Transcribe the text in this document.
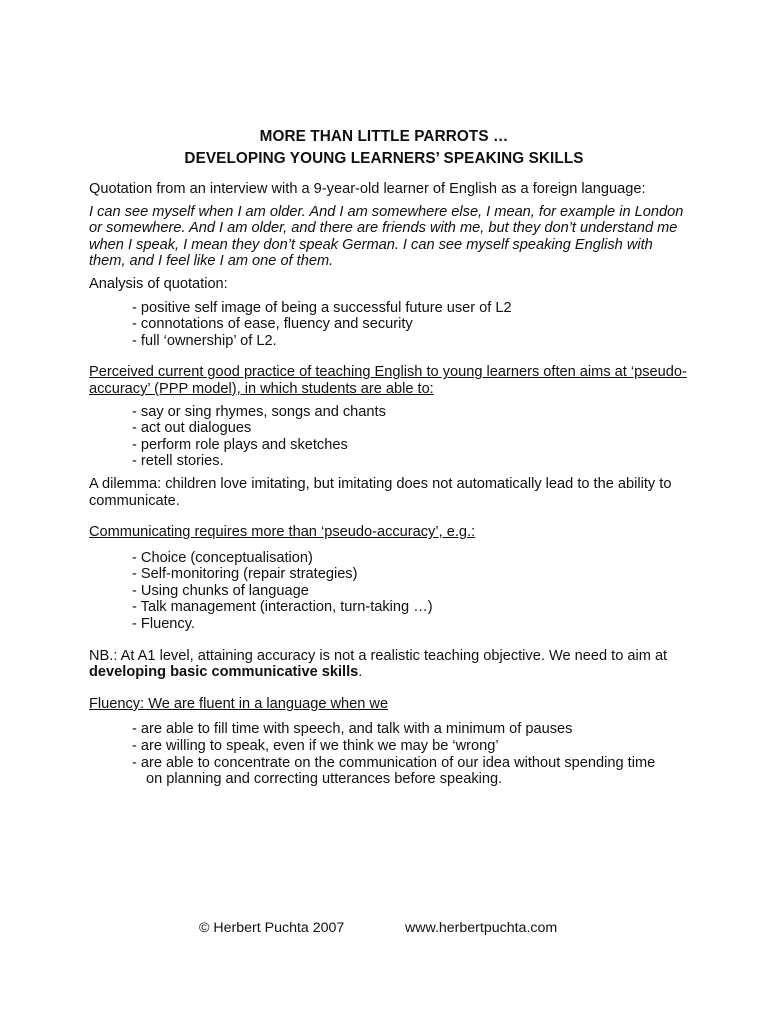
MORE THAN LITTLE PARROTS …
DEVELOPING YOUNG LEARNERS’ SPEAKING SKILLS

Quotation from an interview with a 9-year-old learner of English as a foreign language:

I can see myself when I am older. And I am somewhere else, I mean, for example in London or somewhere. And I am older, and there are friends with me, but they don’t understand me when I speak, I mean they don’t speak German. I can see myself speaking English with them, and I feel like I am one of them.

Analysis of quotation:

- positive self image of being a successful future user of L2
- connotations of ease, fluency and security
- full ‘ownership’ of L2.

Perceived current good practice of teaching English to young learners often aims at ‘pseudo-accuracy’ (PPP model), in which students are able to:

- say or sing rhymes, songs and chants
- act out dialogues
- perform role plays and sketches
- retell stories.

A dilemma: children love imitating, but imitating does not automatically lead to the ability to communicate.

Communicating requires more than ‘pseudo-accuracy’, e.g.:

- Choice (conceptualisation)
- Self-monitoring (repair strategies)
- Using chunks of language
- Talk management (interaction, turn-taking …)
- Fluency.

NB.: At A1 level, attaining accuracy is not a realistic teaching objective. We need to aim at developing basic communicative skills.

Fluency: We are fluent in a language when we

- are able to fill time with speech, and talk with a minimum of pauses
- are willing to speak, even if we think we may be ‘wrong’
- are able to concentrate on the communication of our idea without spending time

on planning and correcting utterances before speaking.
© Herbert Puchta 2007	www.herbertpuchta.com
